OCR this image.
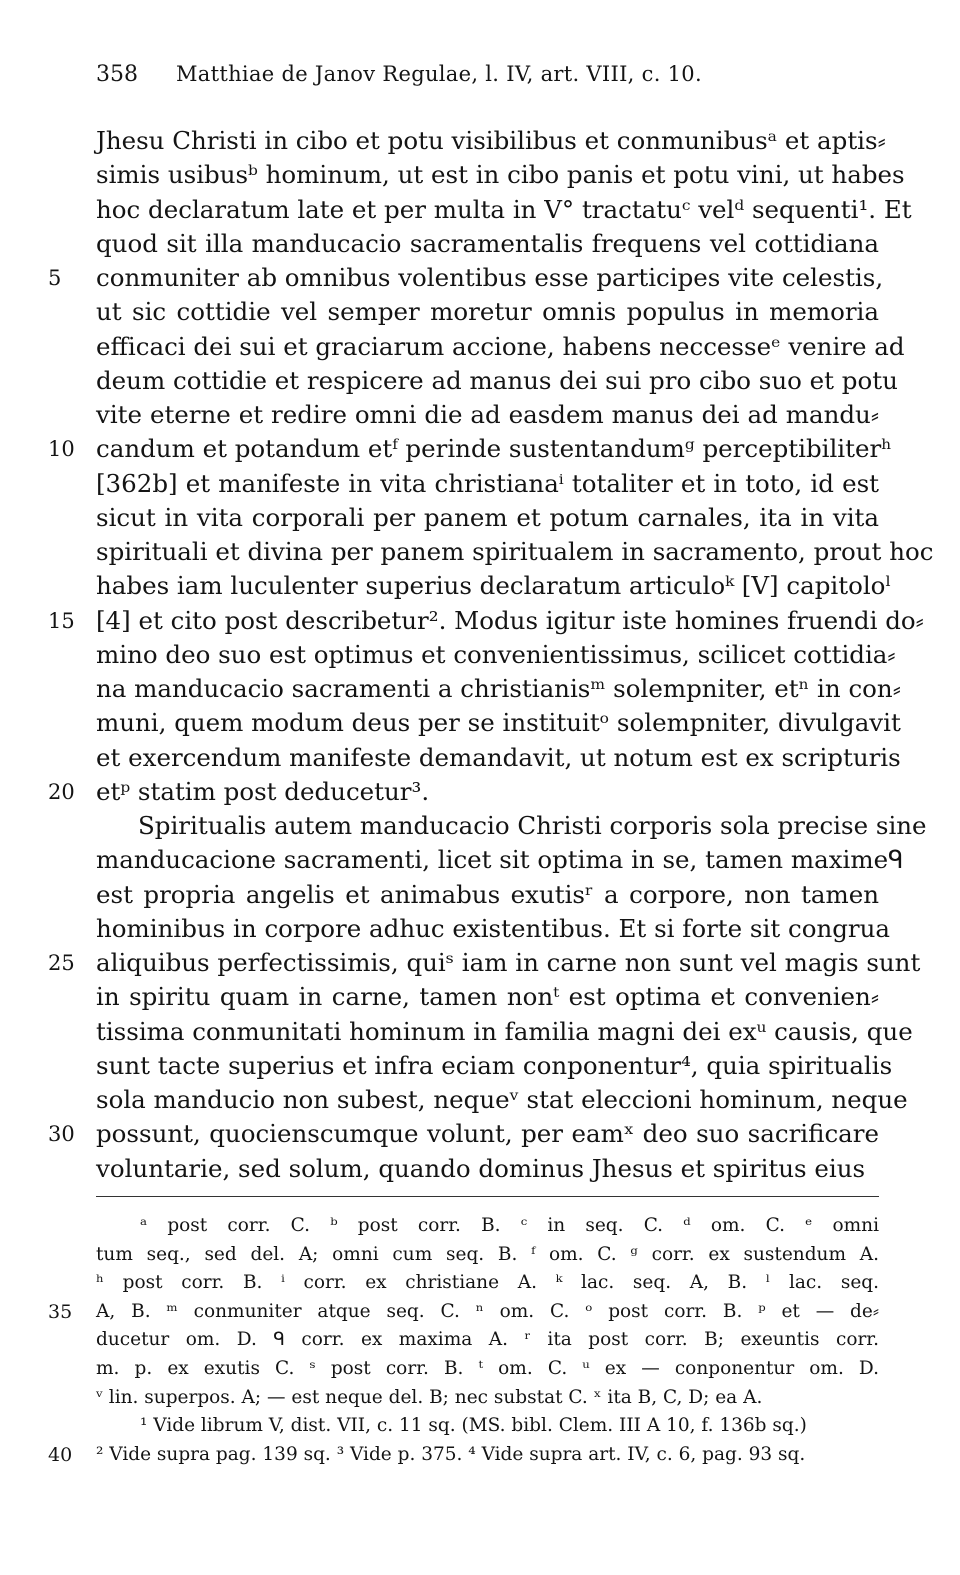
358 Matthiae de Janov Regulae, l. IV, art. VIII, c. 10.
Jhesu Christi in cibo et potu visibilibus et conmunibusᵃ et aptis⸗
simis usibusᵇ hominum, ut est in cibo panis et potu vini, ut habes
hoc declaratum late et per multa in V° tractatuᶜ velᵈ sequenti¹. Et
quod sit illa manducacio sacramentalis frequens vel cottidiana
conmuniter ab omnibus volentibus esse participes vite celestis,
5
ut sic cottidie vel semper moretur omnis populus in memoria
efficaci dei sui et graciarum accione, habens neccesseᵉ venire ad
deum cottidie et respicere ad manus dei sui pro cibo suo et potu
vite eterne et redire omni die ad easdem manus dei ad mandu⸗
candum et potandum etᶠ perinde sustentandumᵍ perceptibiliterʰ
10
[362b] et manifeste in vita christianaⁱ totaliter et in toto, id est
sicut in vita corporali per panem et potum carnales, ita in vita
spirituali et divina per panem spiritualem in sacramento, prout hoc
habes iam luculenter superius declaratum articuloᵏ [V] capitoloˡ
[4] et cito post describetur². Modus igitur iste homines fruendi do⸗
15
mino deo suo est optimus et convenientissimus, scilicet cottidia⸗
na manducacio sacramenti a christianisᵐ solempniter, etⁿ in con⸗
muni, quem modum deus per se instituitᵒ solempniter, divulgavit
et exercendum manifeste demandavit, ut notum est ex scripturis
etᵖ statim post deducetur³.
20
Spiritualis autem manducacio Christi corporis sola precise sine
manducacione sacramenti, licet sit optima in se, tamen maximeᑫ
est propria angelis et animabus exutisʳ a corpore, non tamen
hominibus in corpore adhuc existentibus. Et si forte sit congrua
aliquibus perfectissimis, quiˢ iam in carne non sunt vel magis sunt
25
in spiritu quam in carne, tamen nonᵗ est optima et convenien⸗
tissima conmunitati hominum in familia magni dei exᵘ causis, que
sunt tacte superius et infra eciam conponentur⁴, quia spiritualis
sola manducio non subest, nequeᵛ stat eleccioni hominum, neque
possunt, quocienscumque volunt, per eamˣ deo suo sacrificare
30
voluntarie, sed solum, quando dominus Jhesus et spiritus eius
ᵃ post corr. C. ᵇ post corr. B. ᶜ in seq. C. ᵈ om. C. ᵉ omni
tum seq., sed del. A; omni cum seq. B. ᶠ om. C. ᵍ corr. ex sustendum A.
ʰ post corr. B. ⁱ corr. ex christiane A. ᵏ lac. seq. A, B. ˡ lac. seq.
A, B. ᵐ conmuniter atque seq. C. ⁿ om. C. ᵒ post corr. B. ᵖ et — de⸗
35
ducetur om. D. ᑫ corr. ex maxima A. ʳ ita post corr. B; exeuntis corr.
m. p. ex exutis C. ˢ post corr. B. ᵗ om. C. ᵘ ex — conponentur om. D.
ᵛ lin. superpos. A; — est neque del. B; nec substat C. ˣ ita B, C, D; ea A.
¹ Vide librum V, dist. VII, c. 11 sq. (MS. bibl. Clem. III A 10, f. 136b sq.)
² Vide supra pag. 139 sq. ³ Vide p. 375. ⁴ Vide supra art. IV, c. 6, pag. 93 sq.
40
